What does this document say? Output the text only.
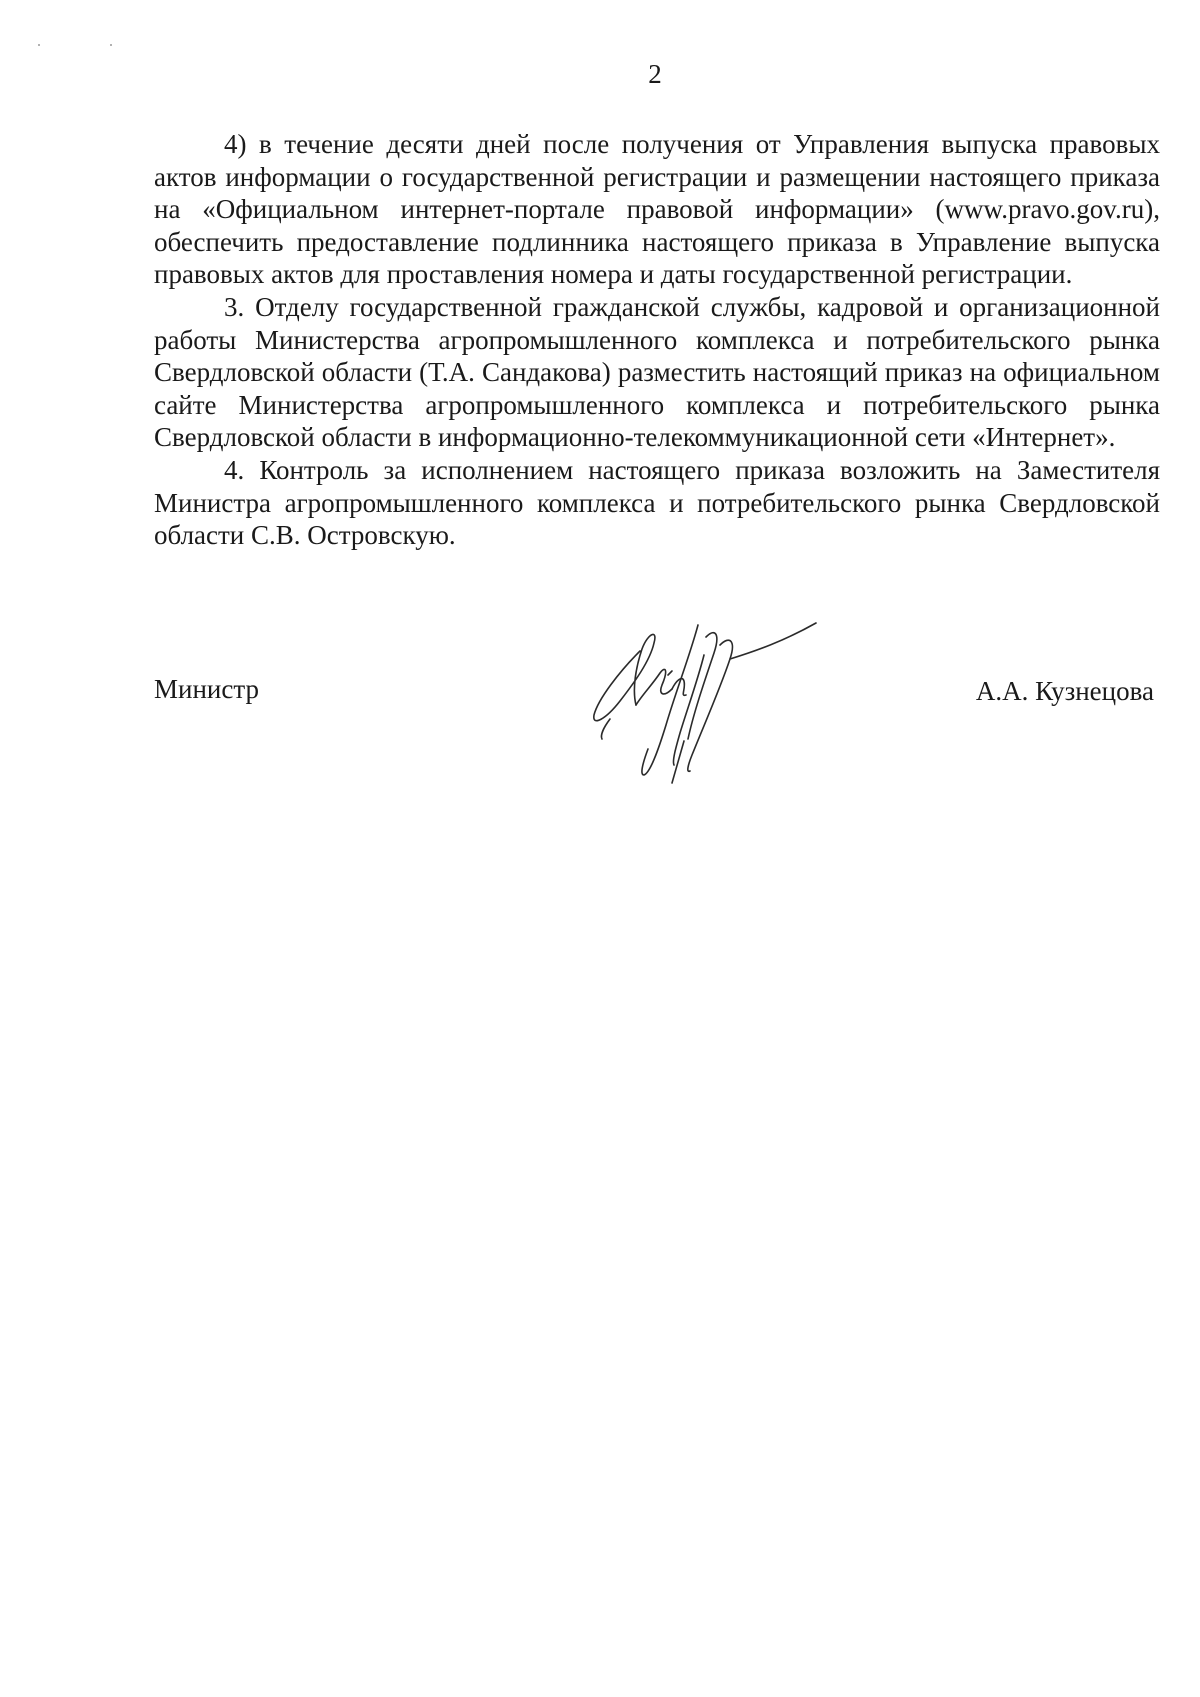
2

4) в течение десяти дней после получения от Управления выпуска правовых актов информации о государственной регистрации и размещении настоящего приказа на «Официальном интернет-портале правовой информации» (www.pravo.gov.ru), обеспечить предоставление подлинника настоящего приказа в Управление выпуска правовых актов для проставления номера и даты государственной регистрации.

3. Отделу государственной гражданской службы, кадровой и организационной работы Министерства агропромышленного комплекса и потребительского рынка Свердловской области (Т.А. Сандакова) разместить настоящий приказ на официальном сайте Министерства агропромышленного комплекса и потребительского рынка Свердловской области в информационно-телекоммуникационной сети «Интернет».

4. Контроль за исполнением настоящего приказа возложить на Заместителя Министра агропромышленного комплекса и потребительского рынка Свердловской области С.В. Островскую.

Министр	А.А. Кузнецова
